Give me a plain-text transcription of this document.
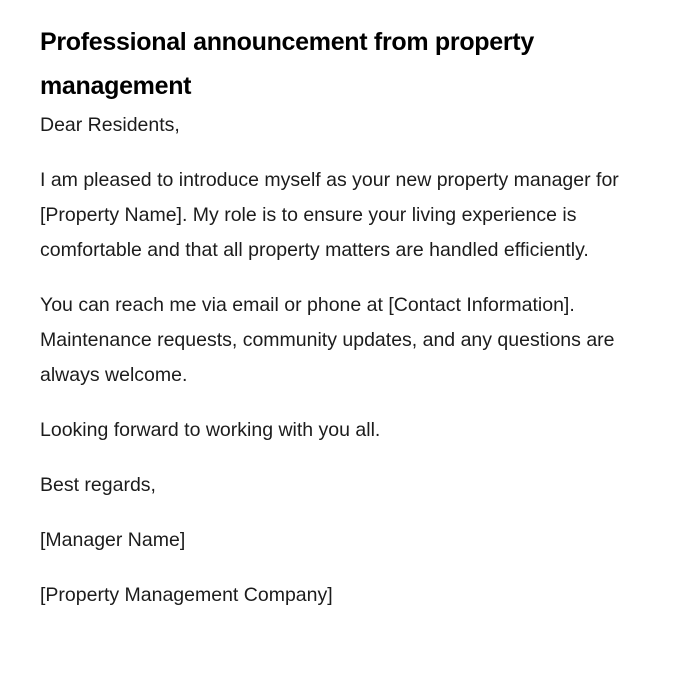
Professional announcement from property management

Dear Residents,

I am pleased to introduce myself as your new property manager for [Property Name]. My role is to ensure your living experience is comfortable and that all property matters are handled efficiently.

You can reach me via email or phone at [Contact Information]. Maintenance requests, community updates, and any questions are always welcome.

Looking forward to working with you all.

Best regards,

[Manager Name]

[Property Management Company]
